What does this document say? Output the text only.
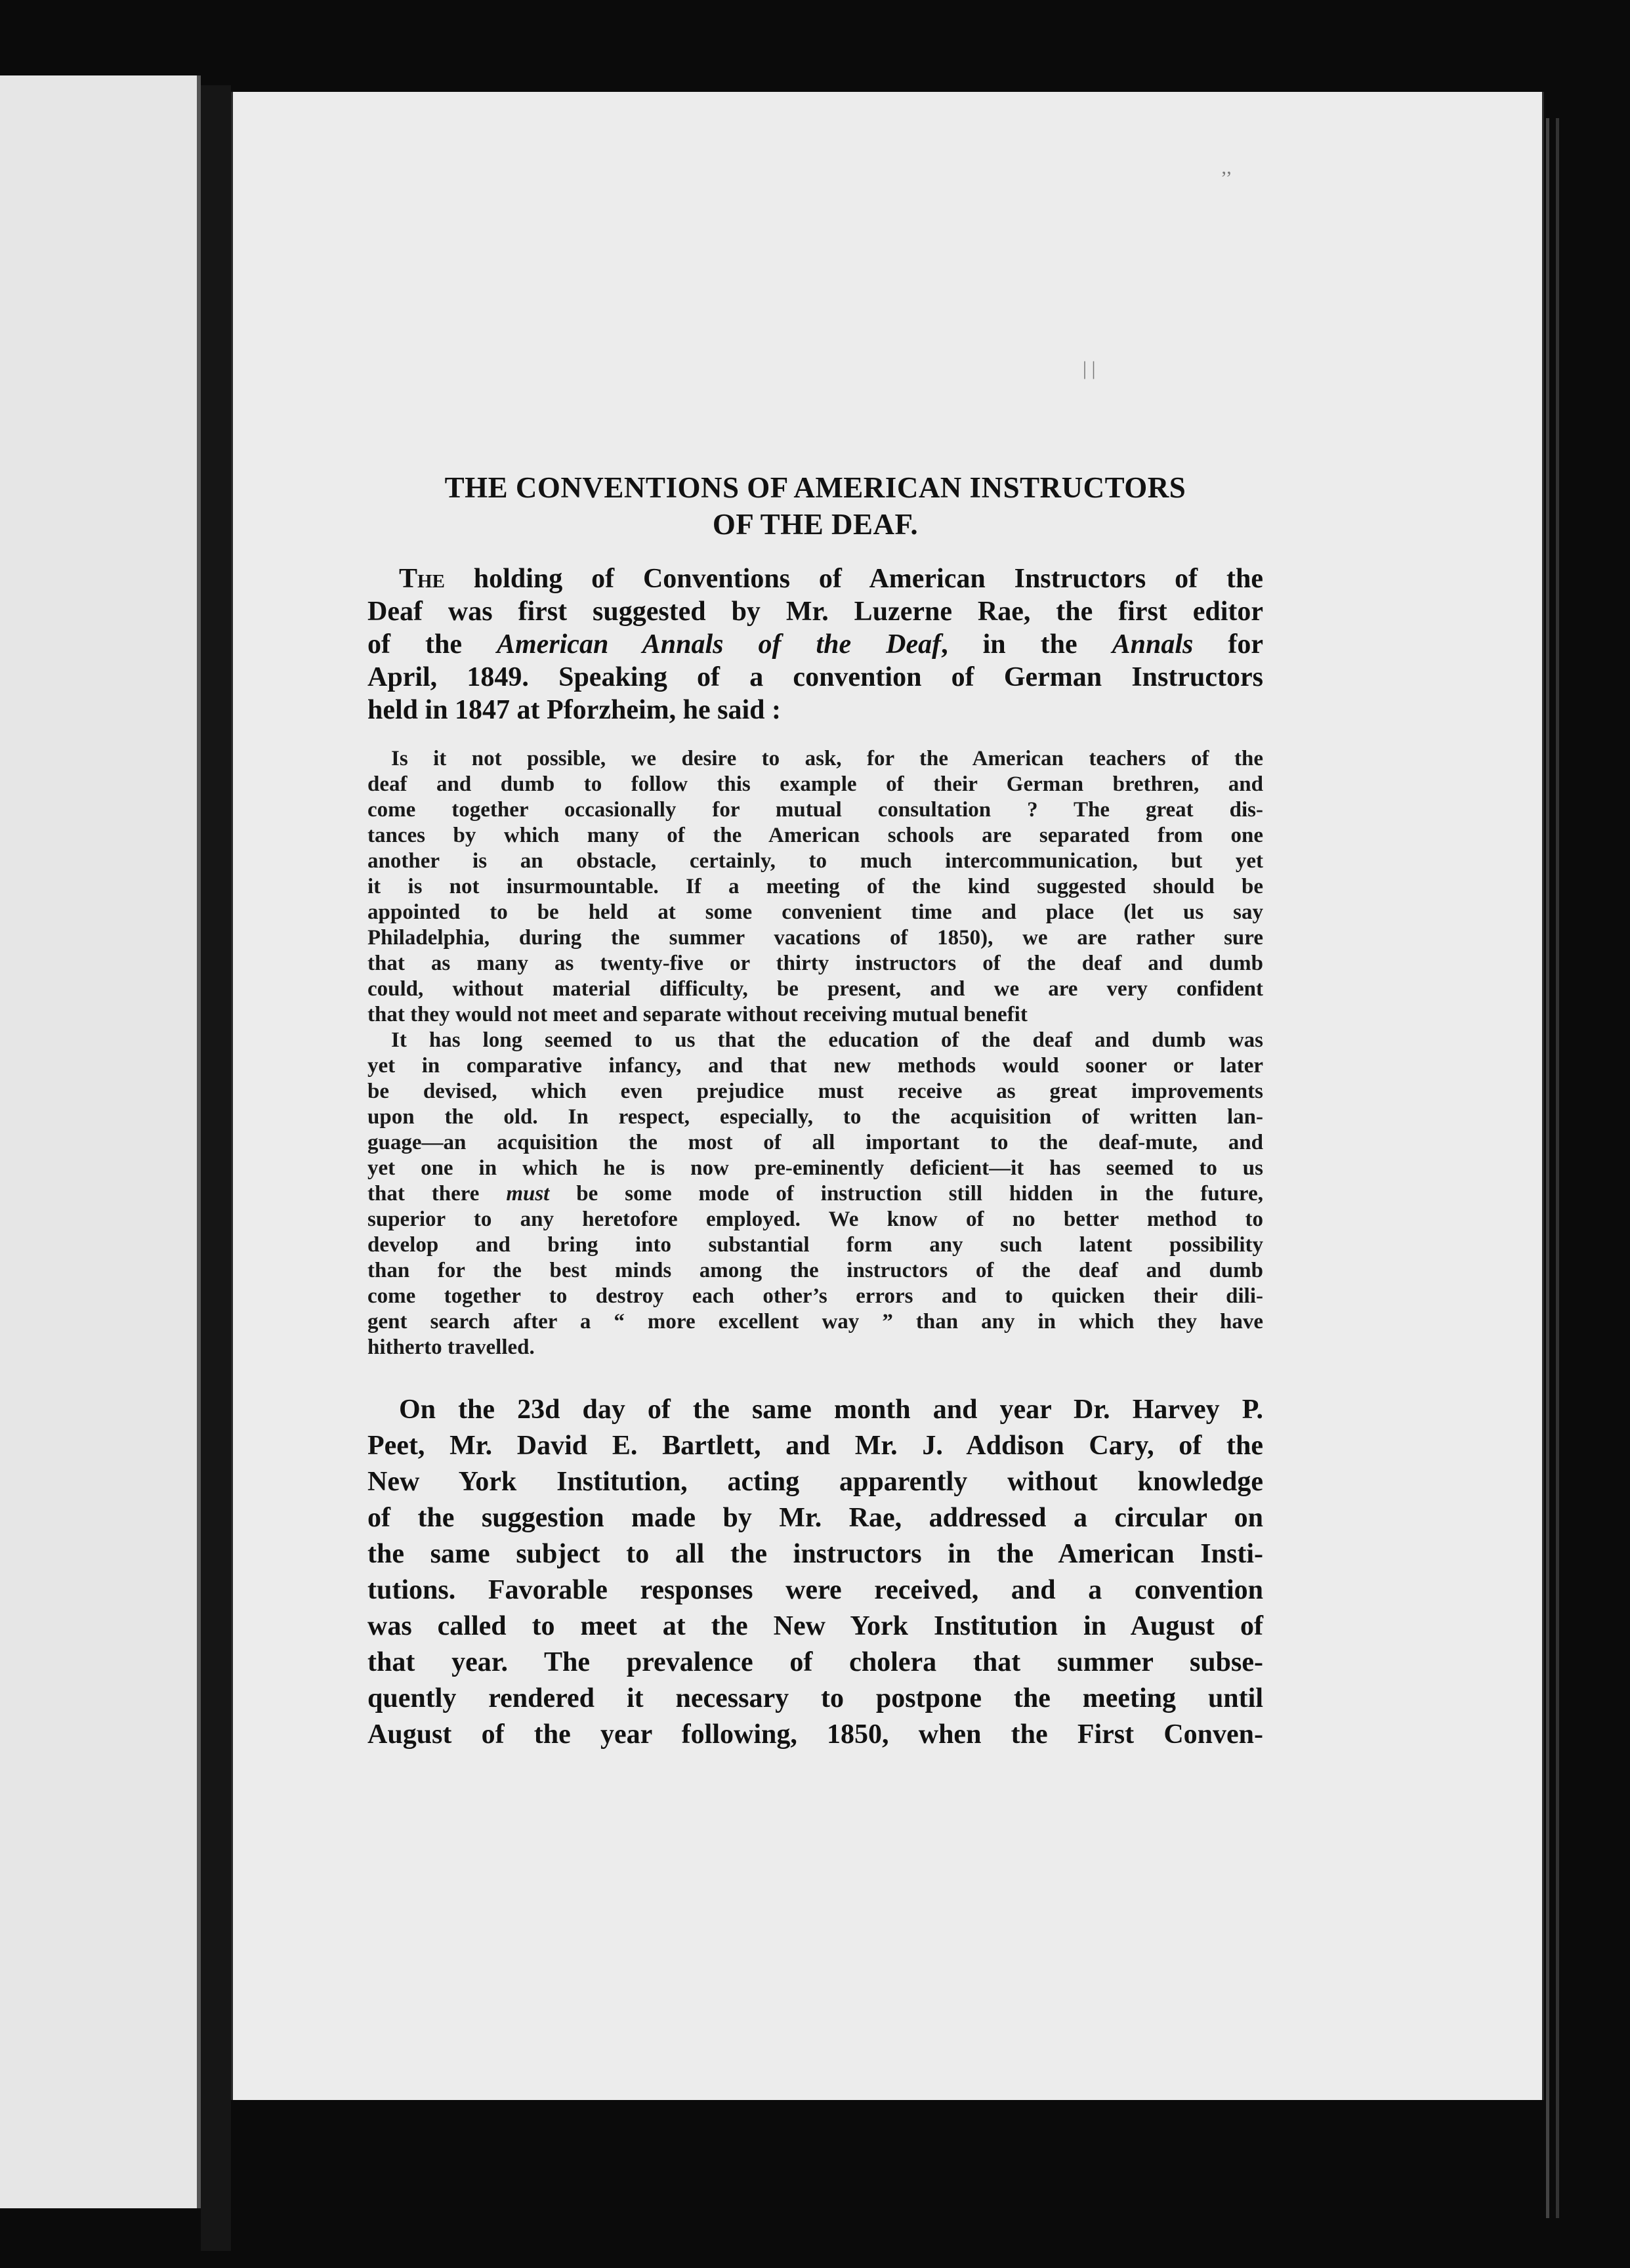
’’
| |
THE CONVENTIONS OF AMERICAN INSTRUCTORS
OF THE DEAF.
The holding of Conventions of American Instructors of the
Deaf was first suggested by Mr. Luzerne Rae, the first editor
of the American Annals of the Deaf, in the Annals for
April, 1849. Speaking of a convention of German Instructors
held in 1847 at Pforzheim, he said :
Is it not possible, we desire to ask, for the American teachers of the
deaf and dumb to follow this example of their German brethren, and
come together occasionally for mutual consultation ? The great dis-
tances by which many of the American schools are separated from one
another is an obstacle, certainly, to much intercommunication, but yet
it is not insurmountable. If a meeting of the kind suggested should be
appointed to be held at some convenient time and place (let us say
Philadelphia, during the summer vacations of 1850), we are rather sure
that as many as twenty-five or thirty instructors of the deaf and dumb
could, without material difficulty, be present, and we are very confident
that they would not meet and separate without receiving mutual benefit
It has long seemed to us that the education of the deaf and dumb was
yet in comparative infancy, and that new methods would sooner or later
be devised, which even prejudice must receive as great improvements
upon the old. In respect, especially, to the acquisition of written lan-
guage—an acquisition the most of all important to the deaf-mute, and
yet one in which he is now pre-eminently deficient—it has seemed to us
that there must be some mode of instruction still hidden in the future,
superior to any heretofore employed. We know of no better method to
develop and bring into substantial form any such latent possibility
than for the best minds among the instructors of the deaf and dumb
come together to destroy each other’s errors and to quicken their dili-
gent search after a “ more excellent way ” than any in which they have
hitherto travelled.
On the 23d day of the same month and year Dr. Harvey P.
Peet, Mr. David E. Bartlett, and Mr. J. Addison Cary, of the
New York Institution, acting apparently without knowledge
of the suggestion made by Mr. Rae, addressed a circular on
the same subject to all the instructors in the American Insti-
tutions. Favorable responses were received, and a convention
was called to meet at the New York Institution in August of
that year. The prevalence of cholera that summer subse-
quently rendered it necessary to postpone the meeting until
August of the year following, 1850, when the First Conven-
